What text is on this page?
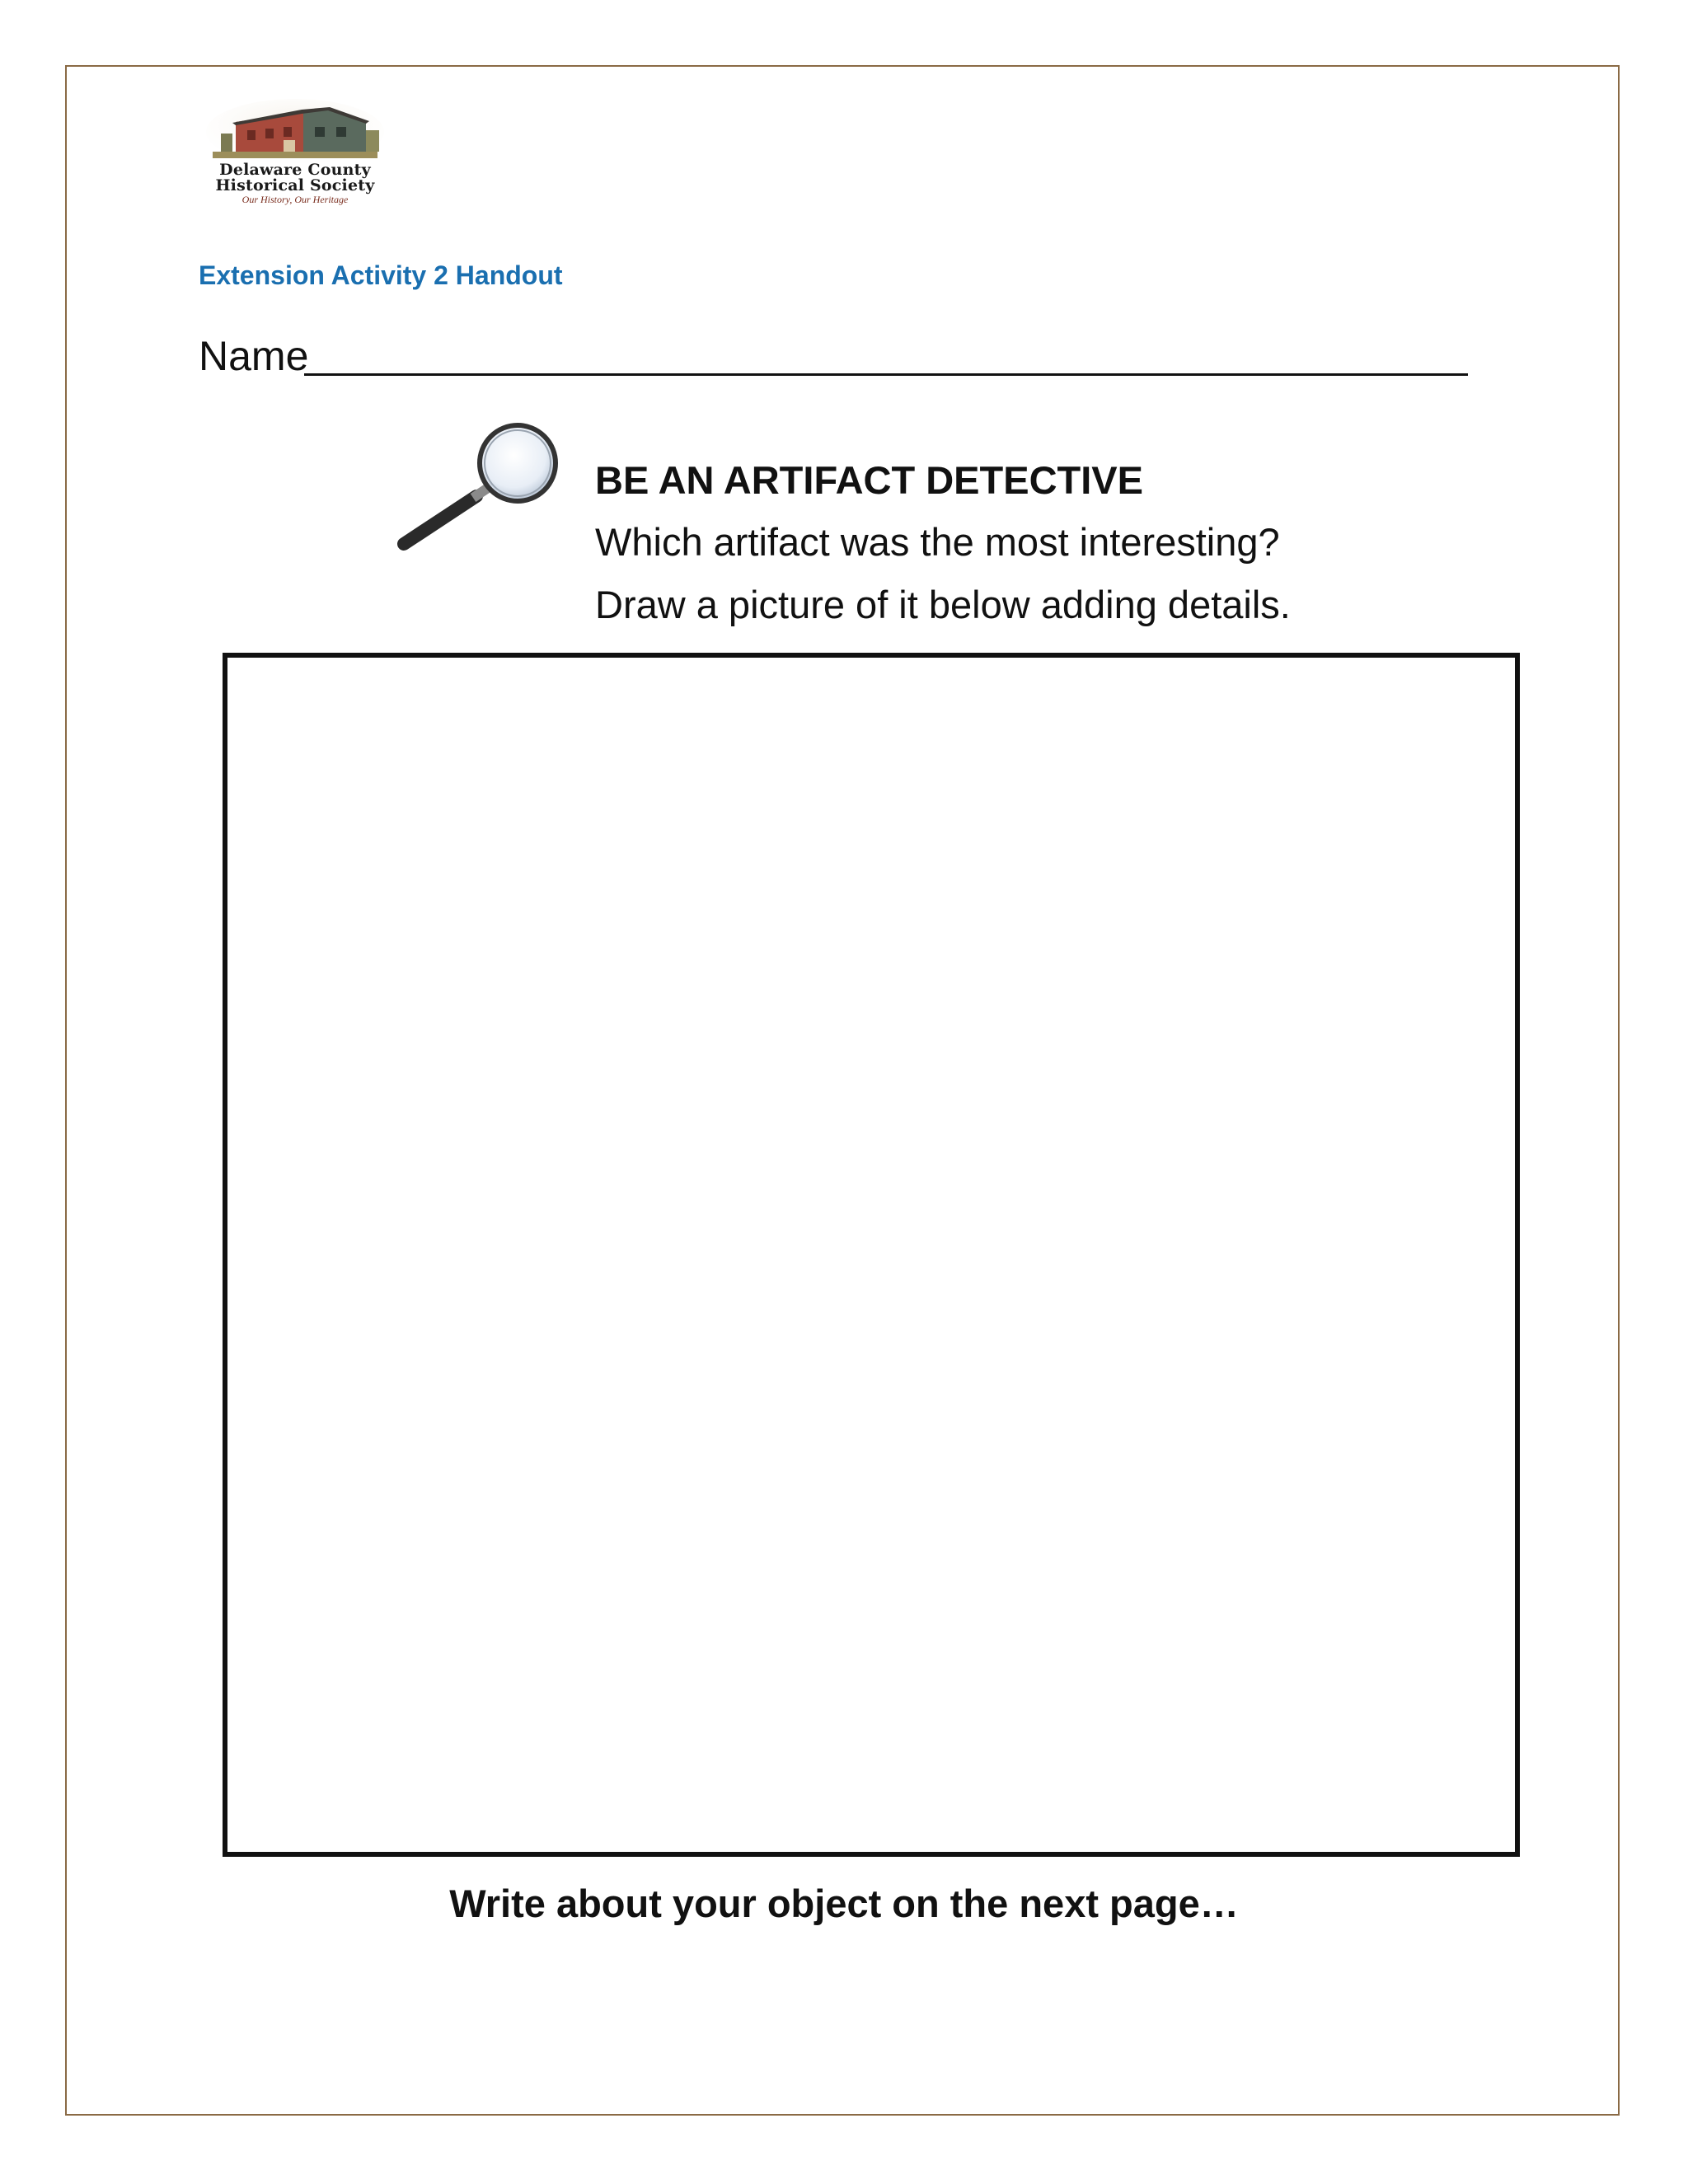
Delaware County
Historical Society
Our History, Our Heritage
Extension Activity 2 Handout
Name
BE AN ARTIFACT DETECTIVE
Which artifact was the most interesting?
Draw a picture of it below adding details.
Write about your object on the next page…
